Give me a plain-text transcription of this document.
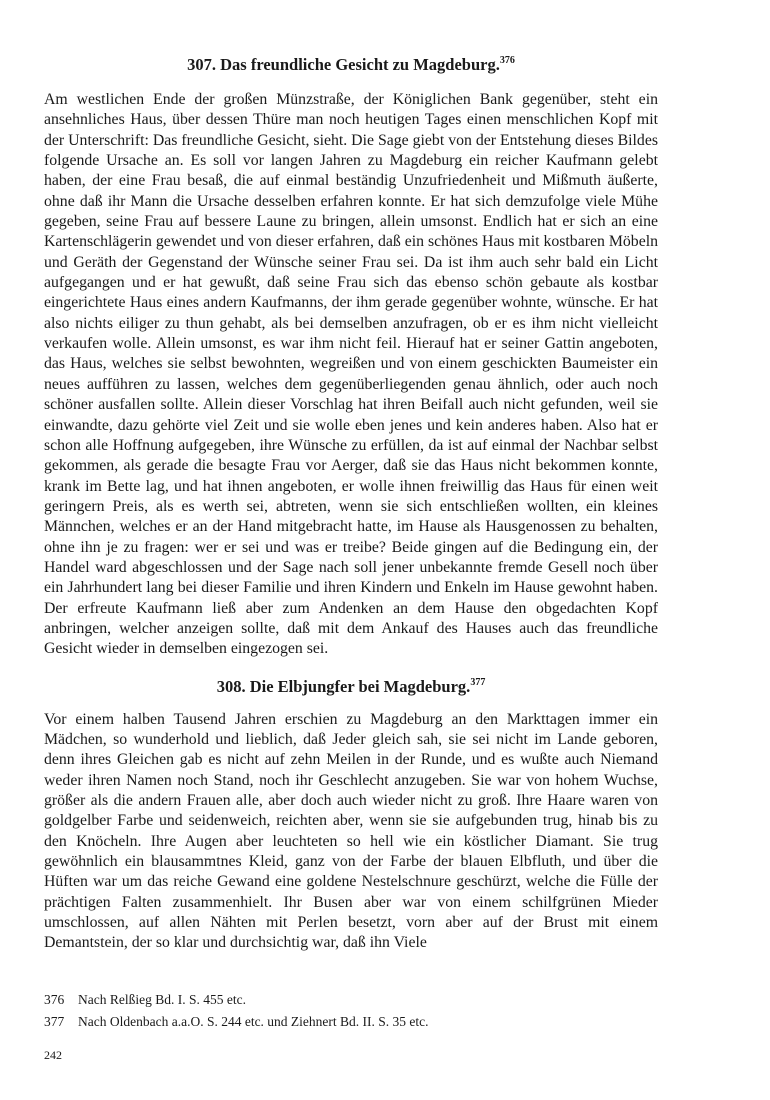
307. Das freundliche Gesicht zu Magdeburg.$^{376}$

Am westlichen Ende der großen Münzstraße, der Königlichen Bank gegenüber, steht ein ansehnliches Haus, über dessen Thüre man noch heutigen Tages einen menschlichen Kopf mit der Unterschrift: Das freundliche Gesicht, sieht. Die Sage giebt von der Entstehung dieses Bildes folgende Ursache an. Es soll vor langen Jahren zu Magdeburg ein reicher Kaufmann gelebt haben, der eine Frau besaß, die auf einmal beständig Unzufriedenheit und Mißmuth äußerte, ohne daß ihr Mann die Ursache desselben erfahren konnte. Er hat sich demzufolge viele Mühe gegeben, seine Frau auf bessere Laune zu bringen, allein umsonst. Endlich hat er sich an eine Kartenschlägerin gewendet und von dieser erfahren, daß ein schönes Haus mit kostbaren Möbeln und Geräth der Gegenstand der Wünsche seiner Frau sei. Da ist ihm auch sehr bald ein Licht aufgegangen und er hat gewußt, daß seine Frau sich das ebenso schön gebaute als kostbar eingerichtete Haus eines andern Kaufmanns, der ihm gerade gegenüber wohnte, wünsche. Er hat also nichts eiliger zu thun gehabt, als bei demselben anzufragen, ob er es ihm nicht vielleicht verkaufen wolle. Allein umsonst, es war ihm nicht feil. Hierauf hat er seiner Gattin angeboten, das Haus, welches sie selbst bewohnten, wegreißen und von einem geschickten Baumeister ein neues aufführen zu lassen, welches dem gegenüberliegenden genau ähnlich, oder auch noch schöner ausfallen sollte. Allein dieser Vorschlag hat ihren Beifall auch nicht gefunden, weil sie einwandte, dazu gehörte viel Zeit und sie wolle eben jenes und kein anderes haben. Also hat er schon alle Hoffnung aufgegeben, ihre Wünsche zu erfüllen, da ist auf einmal der Nachbar selbst gekommen, als gerade die besagte Frau vor Aerger, daß sie das Haus nicht bekommen konnte, krank im Bette lag, und hat ihnen angeboten, er wolle ihnen freiwillig das Haus für einen weit geringern Preis, als es werth sei, abtreten, wenn sie sich entschließen wollten, ein kleines Männchen, welches er an der Hand mitgebracht hatte, im Hause als Hausgenossen zu behalten, ohne ihn je zu fragen: wer er sei und was er treibe? Beide gingen auf die Bedingung ein, der Handel ward abgeschlossen und der Sage nach soll jener unbekannte fremde Gesell noch über ein Jahrhundert lang bei dieser Familie und ihren Kindern und Enkeln im Hause gewohnt haben. Der erfreute Kaufmann ließ aber zum Andenken an dem Hause den obgedachten Kopf anbringen, welcher anzeigen sollte, daß mit dem Ankauf des Hauses auch das freundliche Gesicht wieder in demselben eingezogen sei.

308. Die Elbjungfer bei Magdeburg.$^{377}$

Vor einem halben Tausend Jahren erschien zu Magdeburg an den Markttagen immer ein Mädchen, so wunderhold und lieblich, daß Jeder gleich sah, sie sei nicht im Lande geboren, denn ihres Gleichen gab es nicht auf zehn Meilen in der Runde, und es wußte auch Niemand weder ihren Namen noch Stand, noch ihr Geschlecht anzugeben. Sie war von hohem Wuchse, größer als die andern Frauen alle, aber doch auch wieder nicht zu groß. Ihre Haare waren von goldgelber Farbe und seidenweich, reichten aber, wenn sie sie aufgebunden trug, hinab bis zu den Knöcheln. Ihre Augen aber leuchteten so hell wie ein köstlicher Diamant. Sie trug gewöhnlich ein blausammtnes Kleid, ganz von der Farbe der blauen Elbfluth, und über die Hüften war um das reiche Gewand eine goldene Nestelschnure geschürzt, welche die Fülle der prächtigen Falten zusammenhielt. Ihr Busen aber war von einem schilfgrünen Mieder umschlossen, auf allen Nähten mit Perlen besetzt, vorn aber auf der Brust mit einem Demantstein, der so klar und durchsichtig war, daß ihn Viele

376 Nach Relßieg Bd. I. S. 455 etc.

377 Nach Oldenbach a.a.O. S. 244 etc. und Ziehnert Bd. II. S. 35 etc.

242
